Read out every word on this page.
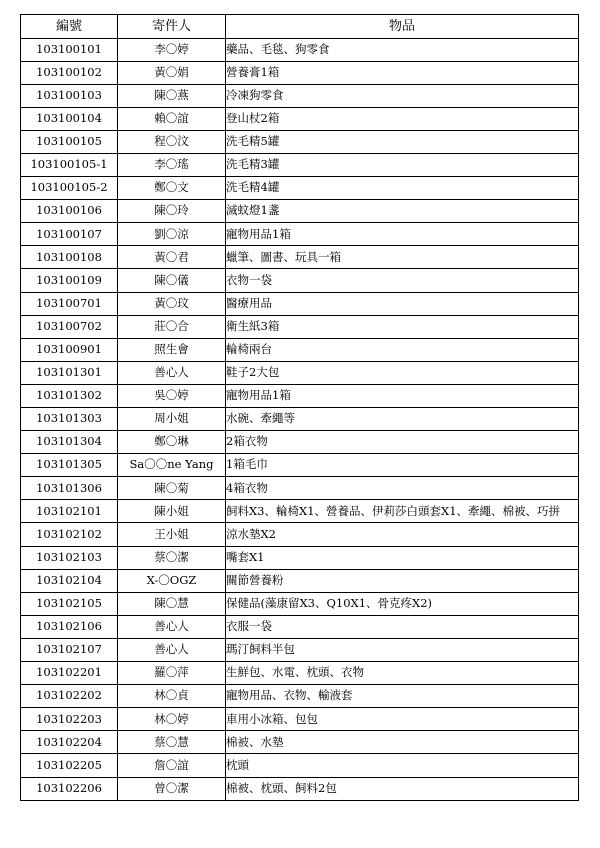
編號	寄件人	物品
103100101	李〇婷	藥品、毛毯、狗零食
103100102	黃〇娟	營養膏1箱
103100103	陳〇燕	冷凍狗零食
103100104	賴〇誼	登山杖2箱
103100105	程〇汶	洗毛精5罐
103100105-1	李〇瑤	洗毛精3罐
103100105-2	鄭〇文	洗毛精4罐
103100106	陳〇玲	滅蚊燈1盞
103100107	劉〇涼	寵物用品1箱
103100108	黃〇君	蠟筆、圖書、玩具一箱
103100109	陳〇儀	衣物一袋
103100701	黃〇玟	醫療用品
103100702	莊〇合	衛生紙3箱
103100901	照生會	輪椅兩台
103101301	善心人	鞋子2大包
103101302	吳〇婷	寵物用品1箱
103101303	周小姐	水碗、牽繩等
103101304	鄭〇琳	2箱衣物
103101305	Sa〇〇ne Yang	1箱毛巾
103101306	陳〇菊	4箱衣物
103102101	陳小姐	飼料X3、輪椅X1、營養品、伊莉莎白頭套X1、牽繩、棉被、巧拼
103102102	王小姐	涼水墊X2
103102103	蔡〇潔	嘴套X1
103102104	X-〇OGZ	關節營養粉
103102105	陳〇慧	保健品(藻康留X3、Q10X1、骨克疼X2)
103102106	善心人	衣服一袋
103102107	善心人	瑪汀飼料半包
103102201	羅〇萍	生鮮包、水電、枕頭、衣物
103102202	林〇貞	寵物用品、衣物、輸液套
103102203	林〇婷	車用小冰箱、包包
103102204	蔡〇慧	棉被、水墊
103102205	詹〇誼	枕頭
103102206	曾〇潔	棉被、枕頭、飼料2包
